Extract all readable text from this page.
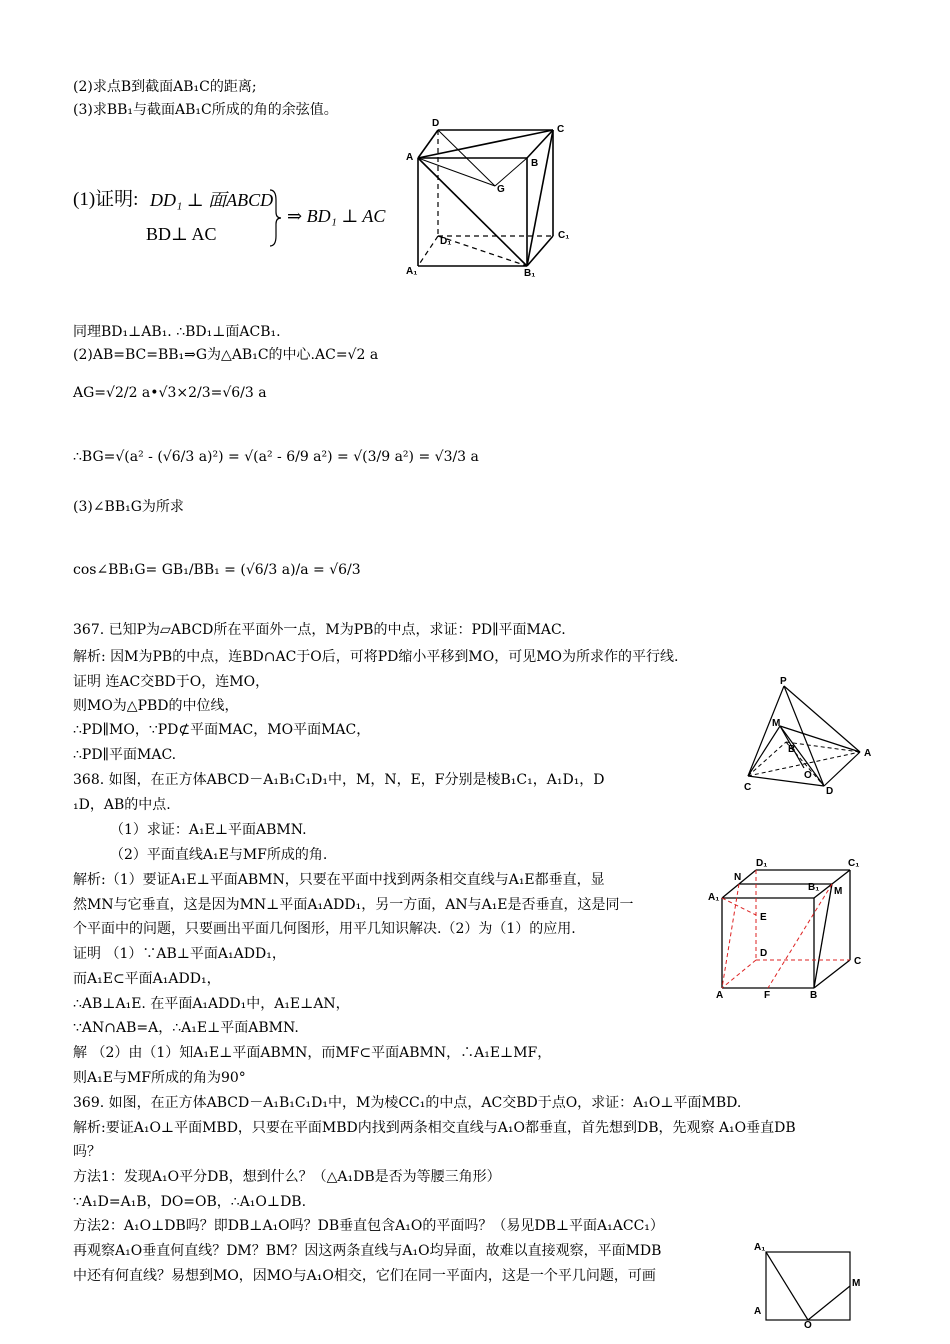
(2)求点B到截面AB₁C的距离;
(3)求BB₁与截面AB₁C所成的角的余弦值。
(1)证明: DD₁ ⊥ 面ABCD
BD⊥ AC
⇒ BD₁ ⊥ AC
D
C
A
B
G
D₁
C₁
A₁	B₁
同理BD₁⊥AB₁. ∴BD₁⊥面ACB₁.
(2)AB=BC=BB₁⇒G为△AB₁C的中心.AC=√2 a
AG=√2/2 a•√3×2/3=√6/3 a
∴BG=√(a² - (√6/3 a)²) = √(a² - 6/9 a²) = √(3/9 a²) = √3/3 a
(3)∠BB₁G为所求
cos∠BB₁G= GB₁/BB₁ = (√6/3 a)/a = √6/3
367. 已知P为▱ABCD所在平面外一点，M为PB的中点，求证：PD∥平面MAC.
解析: 因M为PB的中点，连BD∩AC于O后，可将PD缩小平移到MO，可见MO为所求作的平行线.
证明 连AC交BD于O，连MO，
则MO为△PBD的中位线，
∴PD∥MO，∵PD⊄平面MAC，MO平面MAC，
∴PD∥平面MAC.
P
M
B	A
C
O
D
368. 如图，在正方体ABCD－A₁B₁C₁D₁中，M，N，E，F分别是棱B₁C₁，A₁D₁，D
₁D，AB的中点.
（1）求证：A₁E⊥平面ABMN.
（2）平面直线A₁E与MF所成的角.
解析:（1）要证A₁E⊥平面ABMN，只要在平面中找到两条相交直线与A₁E都垂直，显
然MN与它垂直，这是因为MN⊥平面A₁ADD₁，另一方面，AN与A₁E是否垂直，这是同一
个平面中的问题，只要画出平面几何图形，用平几知识解决.（2）为（1）的应用.
证明 （1）∵AB⊥平面A₁ADD₁，
而A₁E⊂平面A₁ADD₁，
∴AB⊥A₁E. 在平面A₁ADD₁中，A₁E⊥AN，
∵AN∩AB=A，∴A₁E⊥平面ABMN.
解 （2）由（1）知A₁E⊥平面ABMN，而MF⊂平面ABMN，∴A₁E⊥MF，
则A₁E与MF所成的角为90°
D₁	C₁
A₁
N
B₁ M
E
D
C
A	F	B
369. 如图，在正方体ABCD－A₁B₁C₁D₁中，M为棱CC₁的中点，AC交BD于点O，求证：A₁O⊥平面MBD.
解析:要证A₁O⊥平面MBD，只要在平面MBD内找到两条相交直线与A₁O都垂直，首先想到DB，先观察 A₁O垂直DB
吗？
方法1：发现A₁O平分DB，想到什么？（△A₁DB是否为等腰三角形）
∵A₁D=A₁B，DO=OB，∴A₁O⊥DB.
方法2：A₁O⊥DB吗？即DB⊥A₁O吗？DB垂直包含A₁O的平面吗？（易见DB⊥平面A₁ACC₁）
再观察A₁O垂直何直线？DM？BM？因这两条直线与A₁O均异面，故难以直接观察，平面MDB
中还有何直线？易想到MO，因MO与A₁O相交，它们在同一平面内，这是一个平几问题，可画
A₁
M
A
O
